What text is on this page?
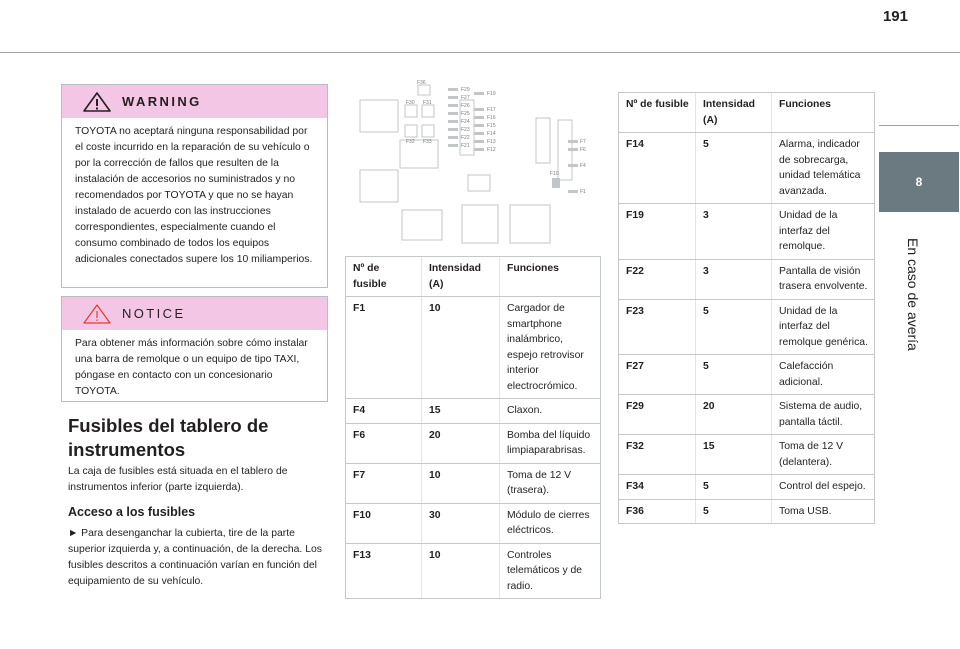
191
8
En caso de avería
WARNING
TOYOTA no aceptará ninguna responsabilidad por el coste incurrido en la reparación de su vehículo o por la corrección de fallos que resulten de la instalación de accesorios no suministrados y no recomendados por TOYOTA y que no se hayan instalado de acuerdo con las instrucciones correspondientes, especialmente cuando el consumo combinado de todos los equipos adicionales conectados supere los 10 miliamperios.
NOTICE
Para obtener más información sobre cómo instalar una barra de remolque o un equipo de tipo TAXI, póngase en contacto con un concesionario TOYOTA.
Fusibles del tablero de instrumentos
La caja de fusibles está situada en el tablero de instrumentos inferior (parte izquierda).
Acceso a los fusibles
► Para desenganchar la cubierta, tire de la parte superior izquierda y, a continuación, de la derecha. Los fusibles descritos a continuación varían en función del equipamiento de su vehículo.
F36
F30 F31
F32 F33
F29
F27
F26
F25
F24
F23
F22
F21
F19
F17
F16
F15
F14
F13
F12
F7
F6
F4
F1
F10
Nº de fusible	Intensidad (A)	Funciones
F1	10	Cargador de smartphone inalámbrico, espejo retrovisor interior electrocrómico.
F4	15	Claxon.
F6	20	Bomba del líquido limpiaparabrisas.
F7	10	Toma de 12 V (trasera).
F10	30	Módulo de cierres eléctricos.
F13	10	Controles telemáticos y de radio.
Nº de fusible	Intensidad (A)	Funciones
F14	5	Alarma, indicador de sobrecarga, unidad telemática avanzada.
F19	3	Unidad de la interfaz del remolque.
F22	3	Pantalla de visión trasera envolvente.
F23	5	Unidad de la interfaz del remolque genérica.
F27	5	Calefacción adicional.
F29	20	Sistema de audio, pantalla táctil.
F32	15	Toma de 12 V (delantera).
F34	5	Control del espejo.
F36	5	Toma USB.
